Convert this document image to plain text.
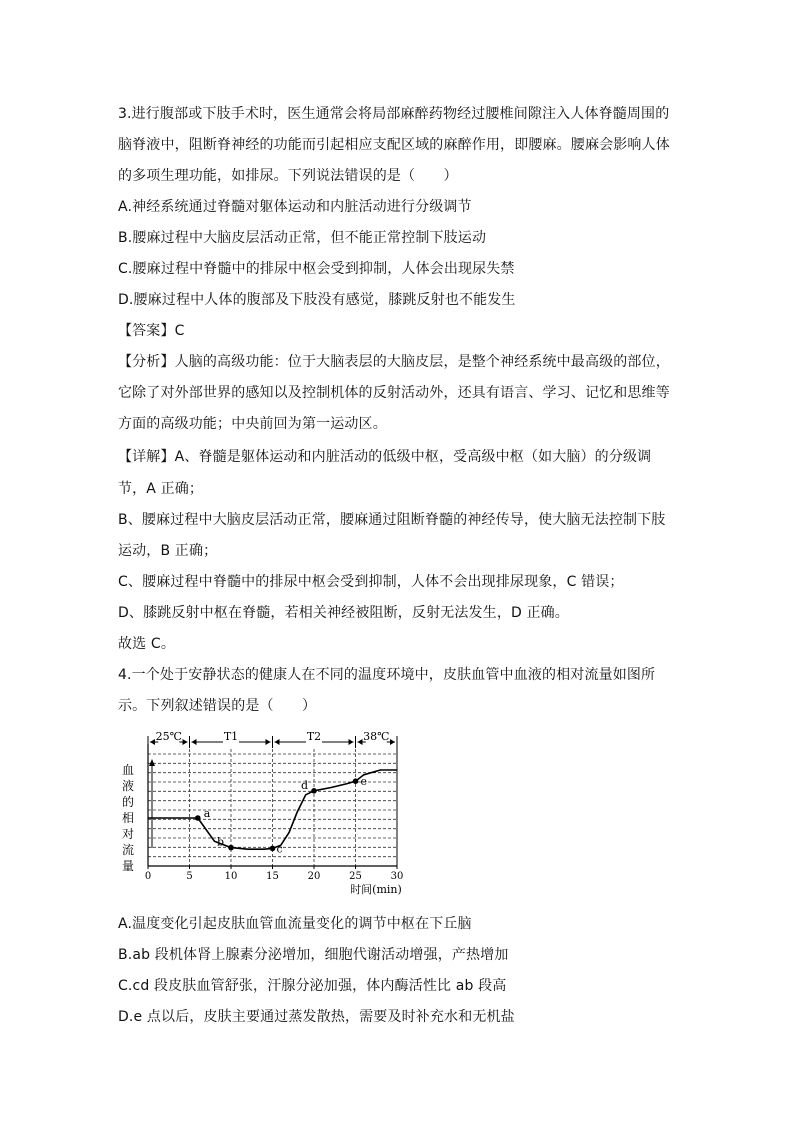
3.进行腹部或下肢手术时，医生通常会将局部麻醉药物经过腰椎间隙注入人体脊髓周围的
脑脊液中，阻断脊神经的功能而引起相应支配区域的麻醉作用，即腰麻。腰麻会影响人体
的多项生理功能，如排尿。下列说法错误的是（　　）
A.神经系统通过脊髓对躯体运动和内脏活动进行分级调节
B.腰麻过程中大脑皮层活动正常，但不能正常控制下肢运动
C.腰麻过程中脊髓中的排尿中枢会受到抑制，人体会出现尿失禁
D.腰麻过程中人体的腹部及下肢没有感觉，膝跳反射也不能发生
【答案】C
【分析】人脑的高级功能：位于大脑表层的大脑皮层，是整个神经系统中最高级的部位，
它除了对外部世界的感知以及控制机体的反射活动外，还具有语言、学习、记忆和思维等
方面的高级功能；中央前回为第一运动区。
【详解】A、脊髓是躯体运动和内脏活动的低级中枢，受高级中枢（如大脑）的分级调
节，A 正确；
B、腰麻过程中大脑皮层活动正常，腰麻通过阻断脊髓的神经传导，使大脑无法控制下肢
运动，B 正确；
C、腰麻过程中脊髓中的排尿中枢会受到抑制，人体不会出现排尿现象，C 错误；
D、膝跳反射中枢在脊髓，若相关神经被阻断，反射无法发生，D 正确。
故选 C。
4.一个处于安静状态的健康人在不同的温度环境中，皮肤血管中血液的相对流量如图所
示。下列叙述错误的是（　　）
25℃	T1	T2	38℃
0	5	10	15	20	25	30
时间(min)
血
液
的
相
对
流
量
a
b
c
d	e
A.温度变化引起皮肤血管血流量变化的调节中枢在下丘脑
B.ab 段机体肾上腺素分泌增加，细胞代谢活动增强，产热增加
C.cd 段皮肤血管舒张，汗腺分泌加强，体内酶活性比 ab 段高
D.e 点以后，皮肤主要通过蒸发散热，需要及时补充水和无机盐
